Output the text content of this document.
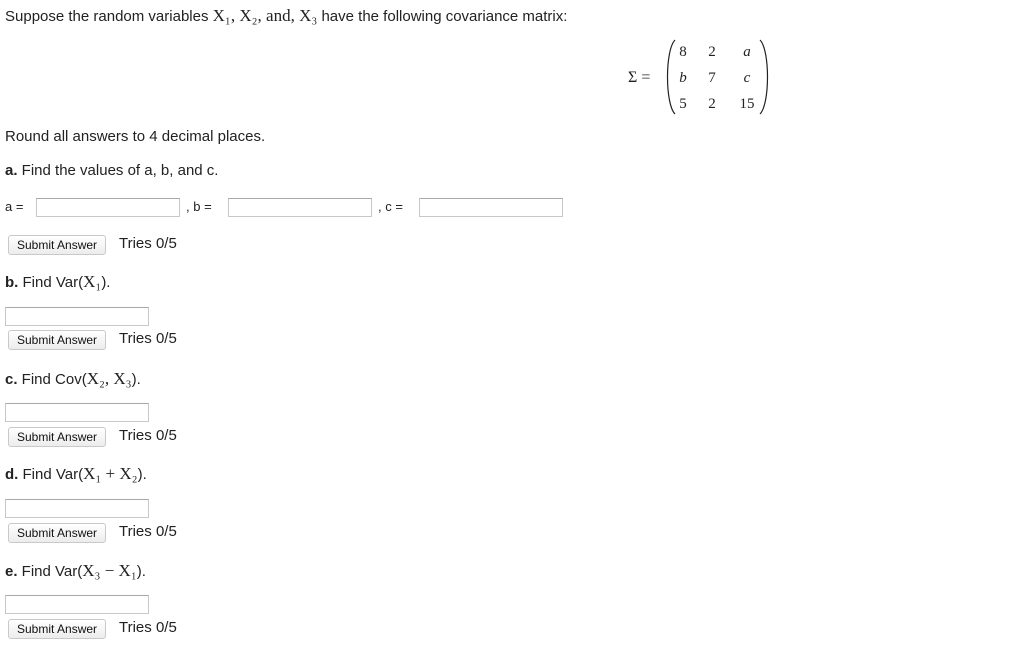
Suppose the random variables X₁, X₂, and, X₃ have the following covariance matrix:
Σ =
8 2 a
b 7 c
5 2 15
Round all answers to 4 decimal places.
a. Find the values of a, b, and c.
a =	, b =	, c =
Submit Answer	Tries 0/5
b. Find Var(X₁).
Submit Answer	Tries 0/5
c. Find Cov(X₂, X₃).
Submit Answer	Tries 0/5
d. Find Var(X₁ + X₂).
Submit Answer	Tries 0/5
e. Find Var(X₃ − X₁).
Submit Answer	Tries 0/5
